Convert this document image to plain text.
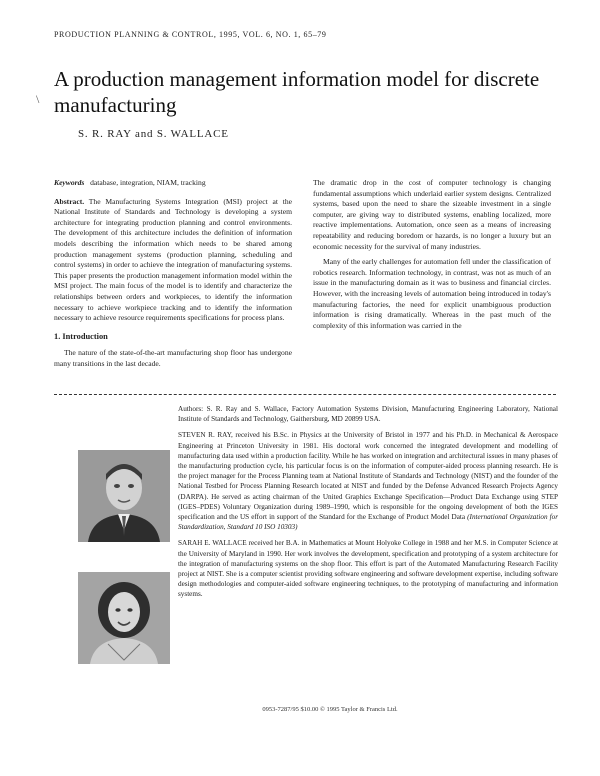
\
PRODUCTION PLANNING & CONTROL, 1995, VOL. 6, NO. 1, 65–79
A production management information model for discrete manufacturing
S. R. RAY and S. WALLACE

Keywords database, integration, NIAM, tracking

Abstract. The Manufacturing Systems Integration (MSI) project at the National Institute of Standards and Technology is developing a system architecture for integrating production planning and control environments. The development of this architecture includes the definition of information models describing the information which needs to be shared among production management systems (production planning, scheduling and control systems) in order to achieve the integration of manufacturing systems. This paper presents the production management information model within the MSI project. The main focus of the model is to identify and characterize the relationships between orders and workpieces, to identify the information necessary to achieve workpiece tracking and to identify the information necessary to achieve resource requirements specifications for process plans.

1. Introduction

The nature of the state-of-the-art manufacturing shop floor has undergone many transitions in the last decade.

The dramatic drop in the cost of computer technology is changing fundamental assumptions which underlaid earlier system designs. Centralized systems, based upon the need to share the sizeable investment in a single computer, are giving way to distributed systems, enabling localized, more reactive implementations. Automation, once seen as a means of increasing repeatability and reducing boredom or hazards, is no longer a luxury but an economic necessity for the survival of many industries.

Many of the early challenges for automation fell under the classification of robotics research. Information technology, in contrast, was not as much of an issue in the manufacturing domain as it was to business and financial circles. However, with the increasing levels of automation being introduced in today's manufacturing factories, the need for explicit unambiguous production information is rising dramatically. Whereas in the past much of the complexity of this information was carried in the

Authors: S. R. Ray and S. Wallace, Factory Automation Systems Division, Manufacturing Engineering Laboratory, National Institute of Standards and Technology, Gaithersburg, MD 20899 USA.

STEVEN R. RAY, received his B.Sc. in Physics at the University of Bristol in 1977 and his Ph.D. in Mechanical & Aerospace Engineering at Princeton University in 1981. His doctoral work concerned the integrated development and modelling of manufacturing data used within a production facility. While he has worked on integration and architectural issues in many phases of the manufacturing production cycle, his particular focus is on the information of computer-aided process planning research. He is the project manager for the Process Planning team at National Institute of Standards and Technology (NIST) and the founder of the National Testbed for Process Planning Research located at NIST and funded by the Defense Advanced Research Projects Agency (DARPA). He served as acting chairman of the United Graphics Exchange Specification—Product Data Exchange using STEP (IGES–PDES) Voluntary Organization during 1989–1990, which is responsible for the ongoing development of both the IGES specification and the US effort in support of the Standard for the Exchange of Product Model Data (International Organization for Standardization, Standard 10 ISO 10303)

SARAH E. WALLACE received her B.A. in Mathematics at Mount Holyoke College in 1988 and her M.S. in Computer Science at the University of Maryland in 1990. Her work involves the development, specification and prototyping of a system architecture for the integration of manufacturing systems on the shop floor. This effort is part of the Automated Manufacturing Research Facility project at NIST. She is a computer scientist providing software engineering and software development expertise, including software design methodologies and computer-aided software engineering techniques, to the prototyping of manufacturing and information systems.

0953-7287/95 $10.00 © 1995 Taylor & Francis Ltd.
